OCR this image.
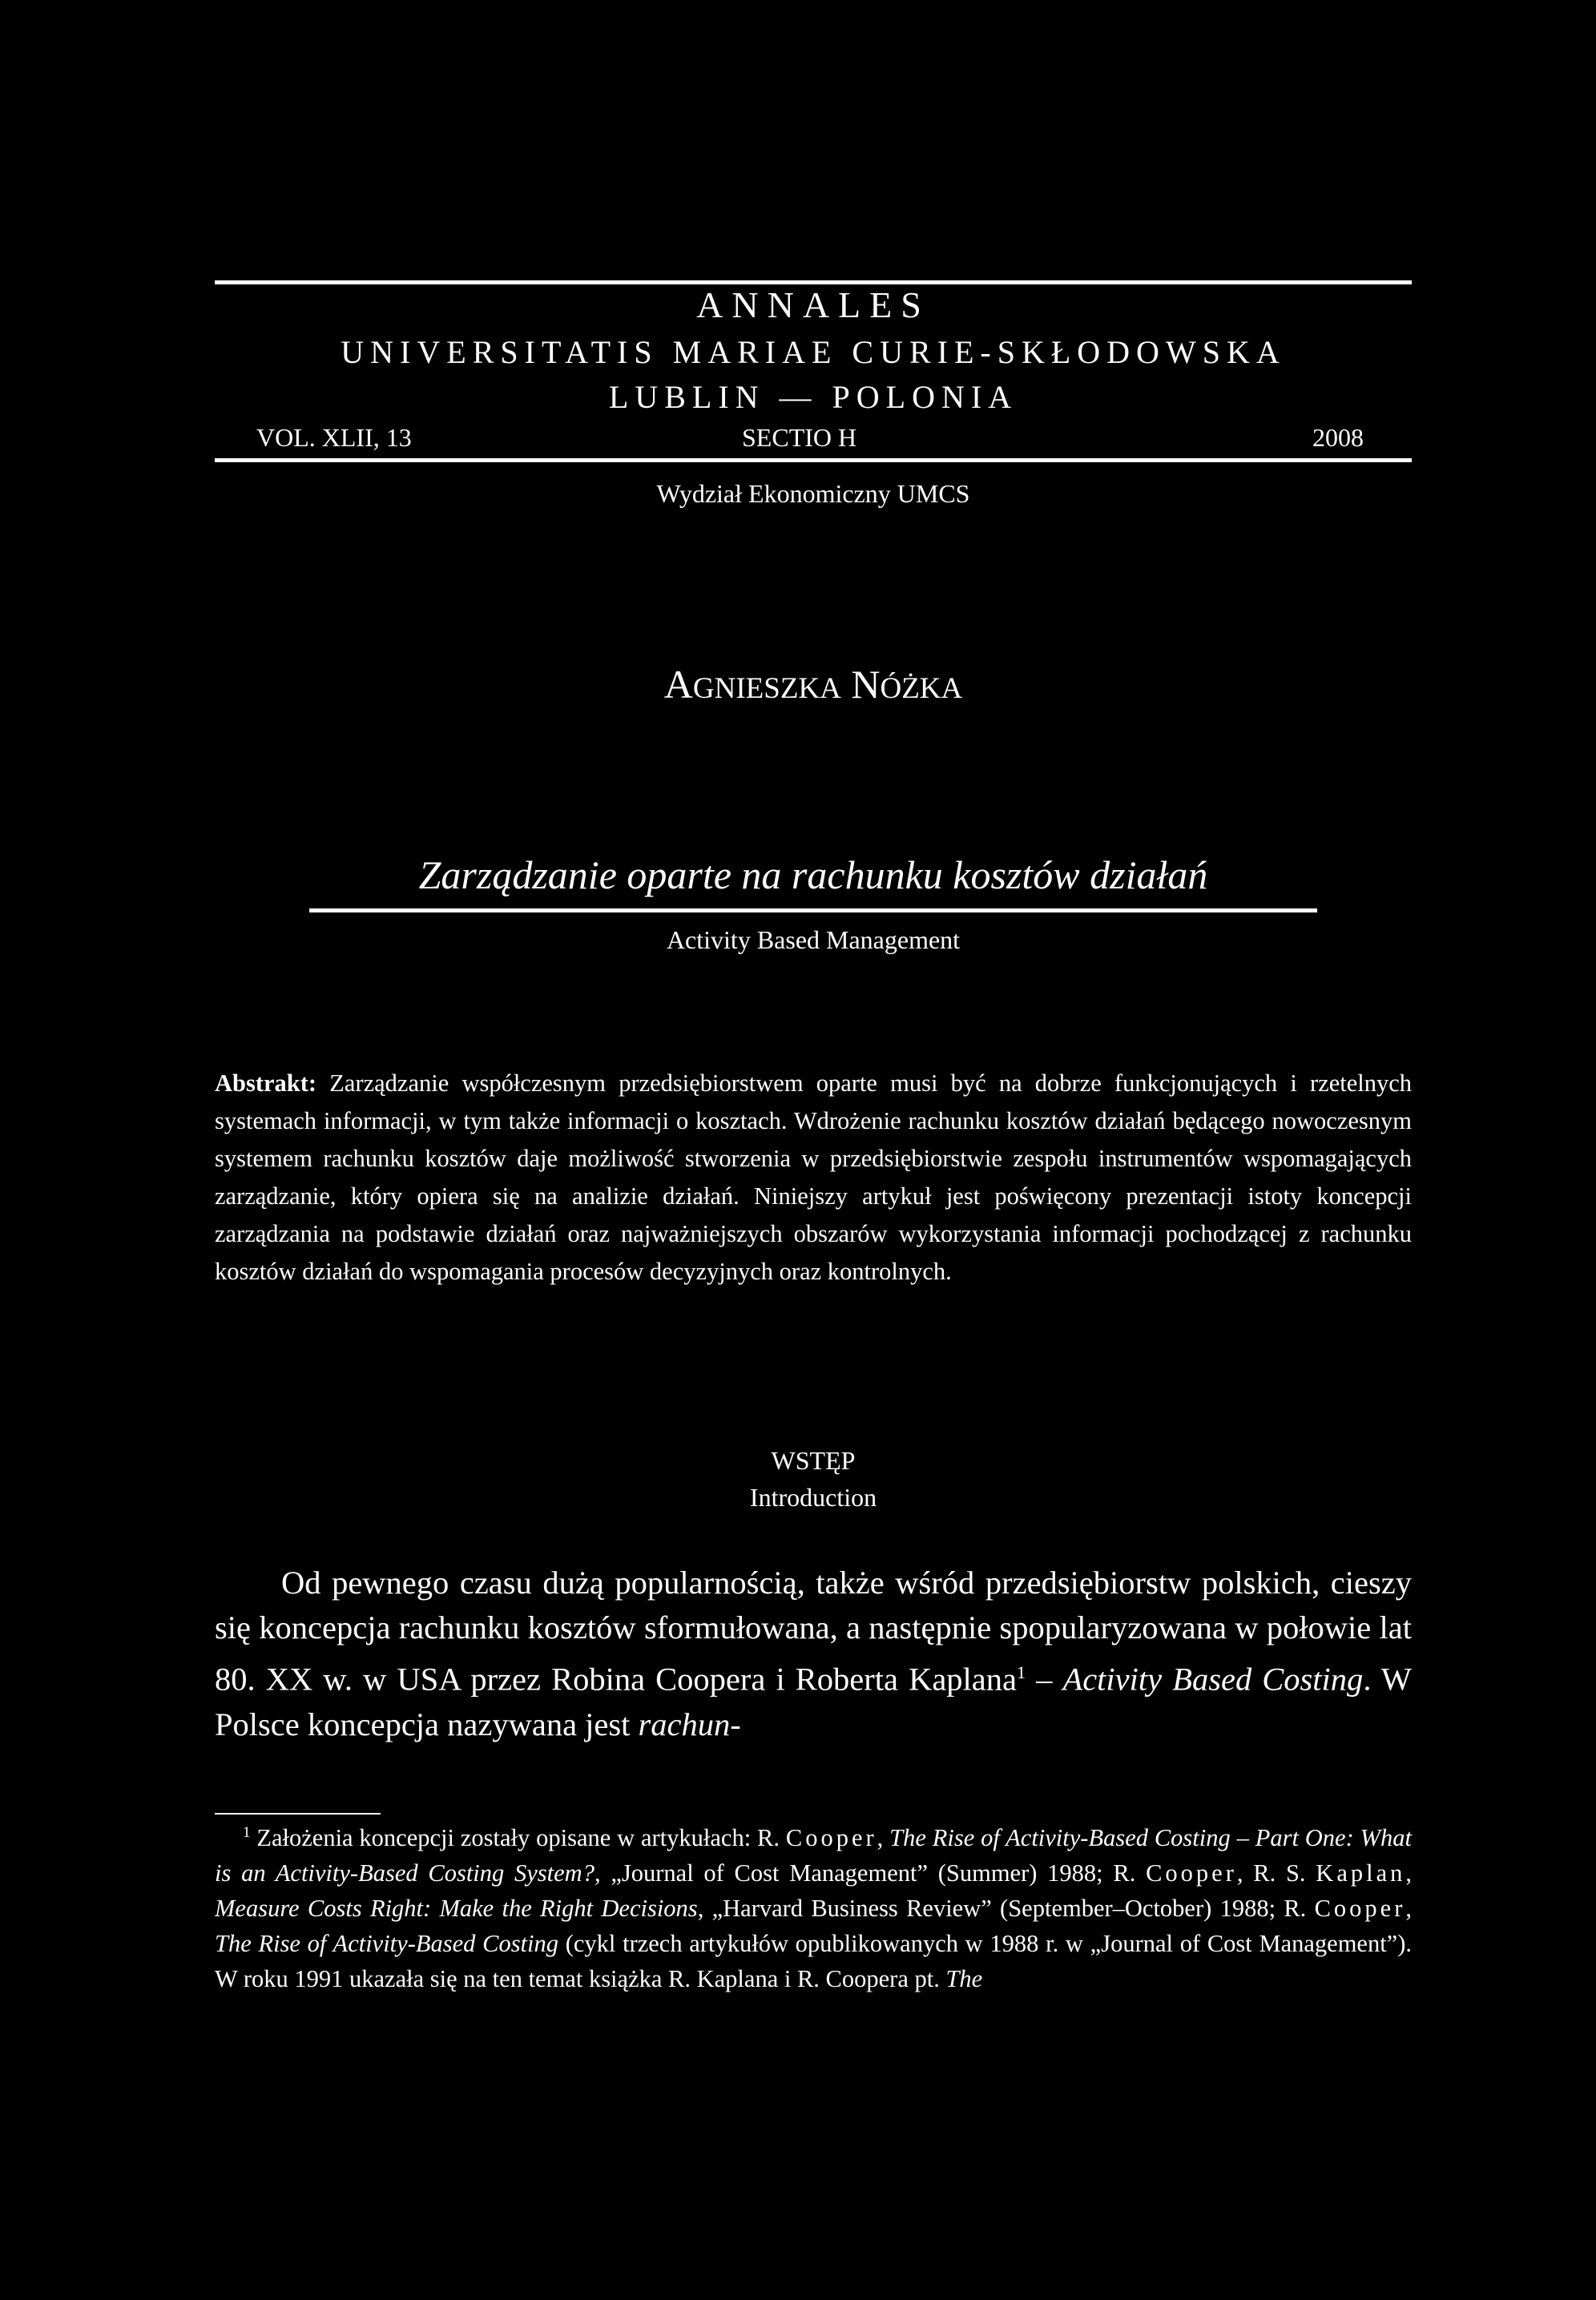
ANNALES
UNIVERSITATIS MARIAE CURIE-SKŁODOWSKA
LUBLIN — POLONIA
VOL. XLII, 13	SECTIO H	2008
Wydział Ekonomiczny UMCS
AGNIESZKA NÓŻKA
Zarządzanie oparte na rachunku kosztów działań
Activity Based Management
Abstrakt: Zarządzanie współczesnym przedsiębiorstwem oparte musi być na dobrze funkcjonujących i rzetelnych systemach informacji, w tym także informacji o kosztach. Wdrożenie rachunku kosztów działań będącego nowoczesnym systemem rachunku kosztów daje możliwość stworzenia w przedsiębiorstwie zespołu instrumentów wspomagających zarządzanie, który opiera się na analizie działań. Niniejszy artykuł jest poświęcony prezentacji istoty koncepcji zarządzania na podstawie działań oraz najważniejszych obszarów wykorzystania informacji pochodzącej z rachunku kosztów działań do wspomagania procesów decyzyjnych oraz kontrolnych.
WSTĘP
Introduction
Od pewnego czasu dużą popularnością, także wśród przedsiębiorstw polskich, cieszy się koncepcja rachunku kosztów sformułowana, a następnie spopularyzowana w połowie lat 80. XX w. w USA przez Robina Coopera i Roberta Kaplana$^1$ – Activity Based Costing. W Polsce koncepcja nazywana jest rachun-
$^1$ Założenia koncepcji zostały opisane w artykułach: R. Cooper, The Rise of Activity-Based Costing – Part One: What is an Activity-Based Costing System?, „Journal of Cost Management” (Summer) 1988; R. Cooper, R. S. Kaplan, Measure Costs Right: Make the Right Decisions, „Harvard Business Review” (September–October) 1988; R. Cooper, The Rise of Activity-Based Costing (cykl trzech artykułów opublikowanych w 1988 r. w „Journal of Cost Management”). W roku 1991 ukazała się na ten temat książka R. Kaplana i R. Coopera pt. The
